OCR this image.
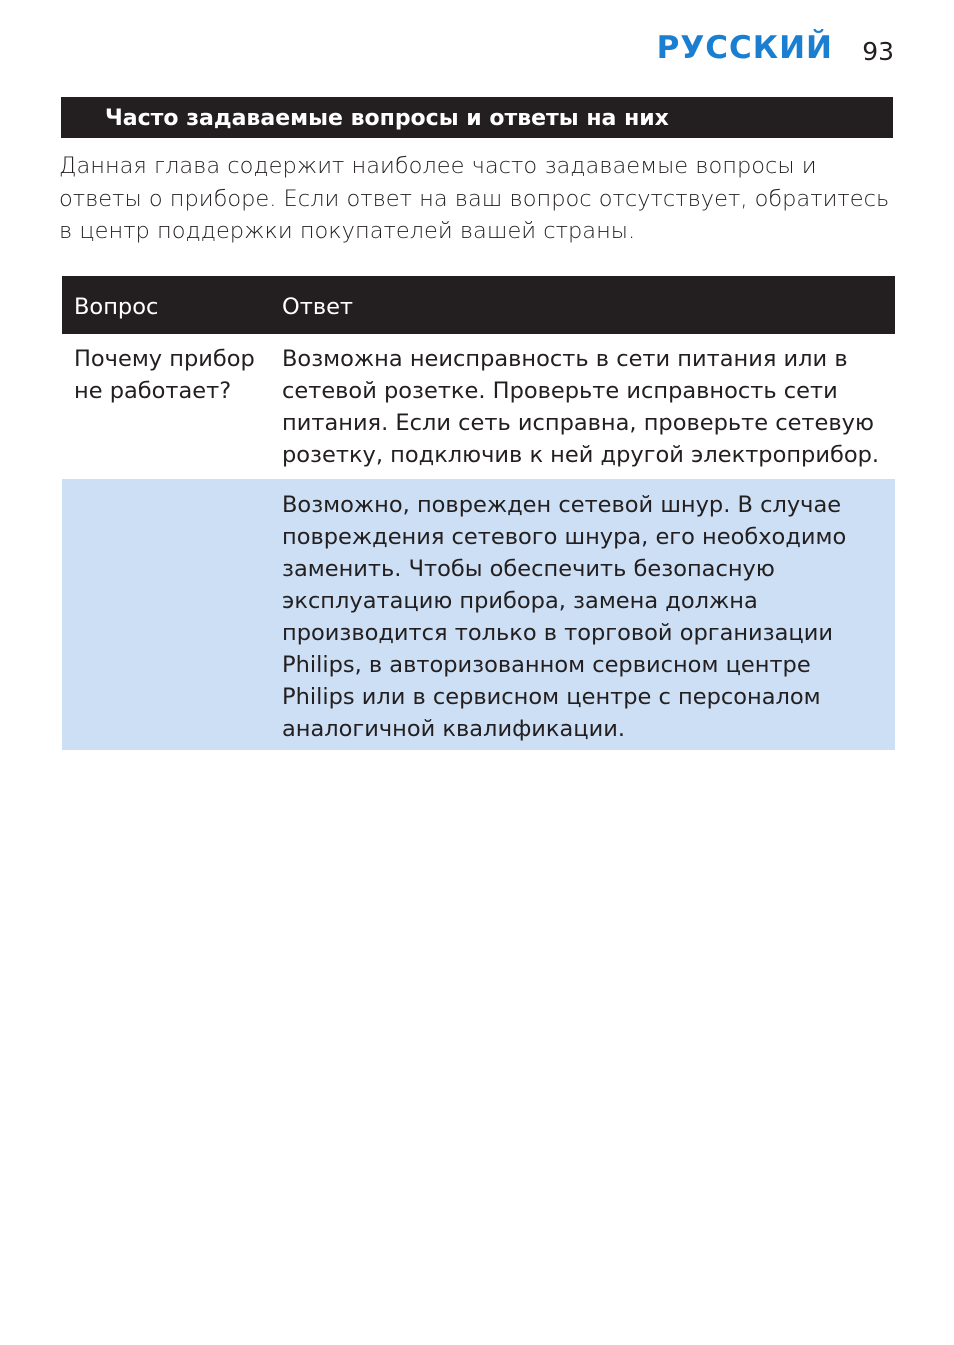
РУССКИЙ 93
Часто задаваемые вопросы и ответы на них

Данная глава содержит наиболее часто задаваемые вопросы и ответы о приборе. Если ответ на ваш вопрос отсутствует, обратитесь в центр поддержки покупателей вашей страны.

Вопрос	Ответ
Почему прибор не работает?	Возможна неисправность в сети питания или в сетевой розетке. Проверьте исправность сети питания. Если сеть исправна, проверьте сетевую розетку, подключив к ней другой электроприбор.
	Возможно, поврежден сетевой шнур. В случае повреждения сетевого шнура, его необходимо заменить. Чтобы обеспечить безопасную эксплуатацию прибора, замена должна производится только в торговой организации Philips, в авторизованном сервисном центре Philips или в сервисном центре с персоналом аналогичной квалификации.
